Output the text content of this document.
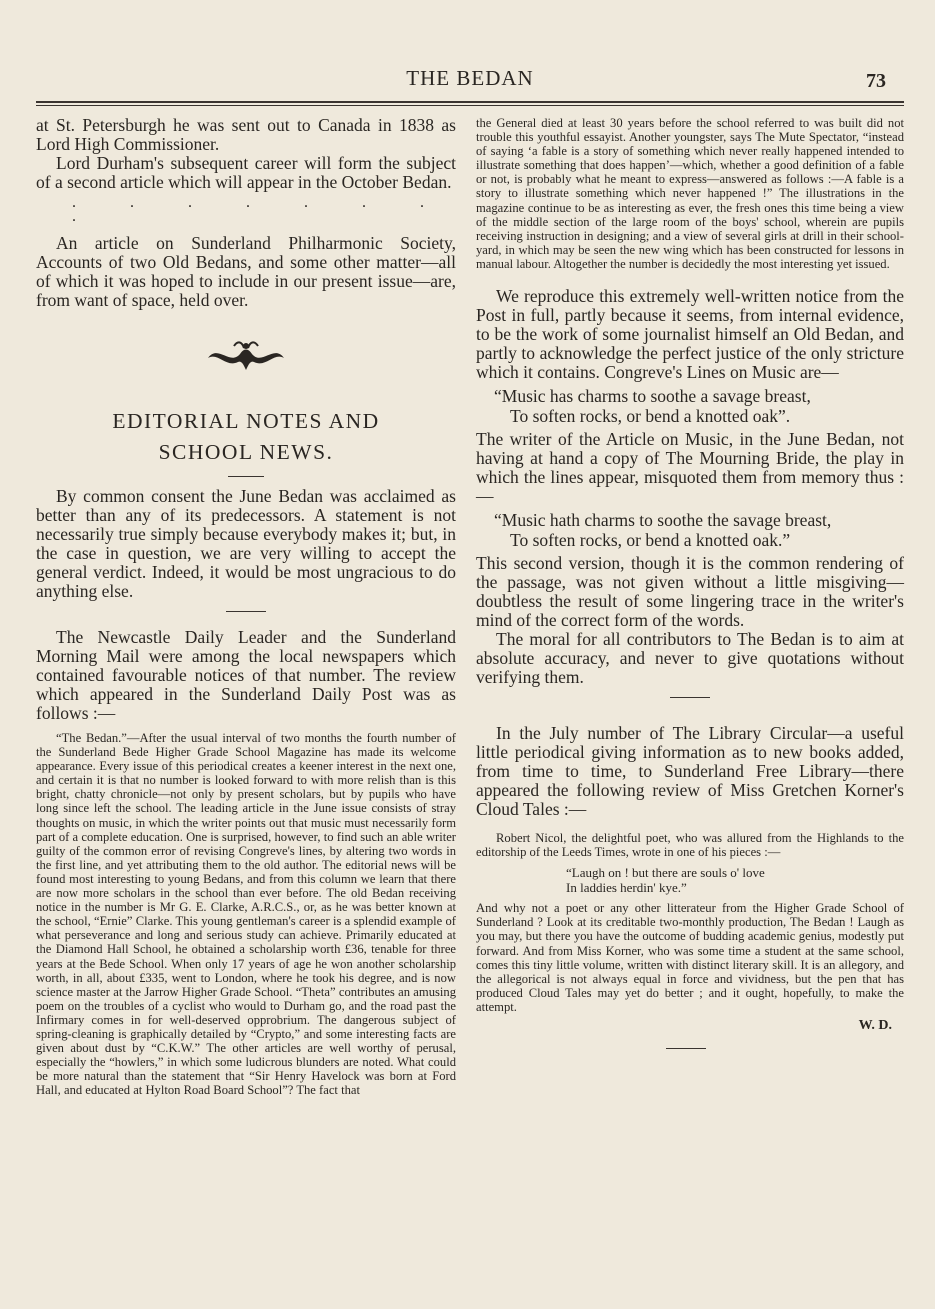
THE BEDAN	73

at St. Petersburgh he was sent out to Canada in 1838 as Lord High Commissioner.

Lord Durham's subsequent career will form the subject of a second article which will appear in the October Bedan.

. . . . . . . .

An article on Sunderland Philharmonic Society, Accounts of two Old Bedans, and some other matter—all of which it was hoped to include in our present issue—are, from want of space, held over.

EDITORIAL NOTES AND
SCHOOL NEWS.

By common consent the June Bedan was acclaimed as better than any of its predecessors. A statement is not necessarily true simply because everybody makes it; but, in the case in question, we are very willing to accept the general verdict. Indeed, it would be most ungracious to do anything else.

The Newcastle Daily Leader and the Sunderland Morning Mail were among the local newspapers which contained favourable notices of that number. The review which appeared in the Sunderland Daily Post was as follows :—

“The Bedan.”—After the usual interval of two months the fourth number of the Sunderland Bede Higher Grade School Magazine has made its welcome appearance. Every issue of this periodical creates a keener interest in the next one, and certain it is that no number is looked forward to with more relish than is this bright, chatty chronicle—not only by present scholars, but by pupils who have long since left the school. The leading article in the June issue consists of stray thoughts on music, in which the writer points out that music must necessarily form part of a complete education. One is surprised, however, to find such an able writer guilty of the common error of revising Congreve's lines, by altering two words in the first line, and yet attributing them to the old author. The editorial news will be found most interesting to young Bedans, and from this column we learn that there are now more scholars in the school than ever before. The old Bedan receiving notice in the number is Mr G. E. Clarke, A.R.C.S., or, as he was better known at the school, “Ernie” Clarke. This young gentleman's career is a splendid example of what perseverance and long and serious study can achieve. Primarily educated at the Diamond Hall School, he obtained a scholarship worth £36, tenable for three years at the Bede School. When only 17 years of age he won another scholarship worth, in all, about £335, went to London, where he took his degree, and is now science master at the Jarrow Higher Grade School. “Theta” contributes an amusing poem on the troubles of a cyclist who would to Durham go, and the road past the Infirmary comes in for well-deserved opprobrium. The dangerous subject of spring-cleaning is graphically detailed by “Crypto,” and some interesting facts are given about dust by “C.K.W.” The other articles are well worthy of perusal, especially the “howlers,” in which some ludicrous blunders are noted. What could be more natural than the statement that “Sir Henry Havelock was born at Ford Hall, and educated at Hylton Road Board School”? The fact that

the General died at least 30 years before the school referred to was built did not trouble this youthful essayist. Another youngster, says The Mute Spectator, “instead of saying ‘a fable is a story of something which never really happened intended to illustrate something that does happen’—which, whether a good definition of a fable or not, is probably what he meant to express—answered as follows :—A fable is a story to illustrate something which never happened !” The illustrations in the magazine continue to be as interesting as ever, the fresh ones this time being a view of the middle section of the large room of the boys' school, wherein are pupils receiving instruction in designing; and a view of several girls at drill in their school-yard, in which may be seen the new wing which has been constructed for lessons in manual labour. Altogether the number is decidedly the most interesting yet issued.

We reproduce this extremely well-written notice from the Post in full, partly because it seems, from internal evidence, to be the work of some journalist himself an Old Bedan, and partly to acknowledge the perfect justice of the only stricture which it contains. Congreve's Lines on Music are—

“Music has charms to soothe a savage breast,
To soften rocks, or bend a knotted oak”.

The writer of the Article on Music, in the June Bedan, not having at hand a copy of The Mourning Bride, the play in which the lines appear, misquoted them from memory thus :—

“Music hath charms to soothe the savage breast,
To soften rocks, or bend a knotted oak.”

This second version, though it is the common rendering of the passage, was not given without a little misgiving—doubtless the result of some lingering trace in the writer's mind of the correct form of the words.

The moral for all contributors to The Bedan is to aim at absolute accuracy, and never to give quotations without verifying them.

In the July number of The Library Circular—a useful little periodical giving information as to new books added, from time to time, to Sunderland Free Library—there appeared the following review of Miss Gretchen Korner's Cloud Tales :—

Robert Nicol, the delightful poet, who was allured from the Highlands to the editorship of the Leeds Times, wrote in one of his pieces :—

“Laugh on ! but there are souls o' love
In laddies herdin' kye.”

And why not a poet or any other litterateur from the Higher Grade School of Sunderland ? Look at its creditable two-monthly production, The Bedan ! Laugh as you may, but there you have the outcome of budding academic genius, modestly put forward. And from Miss Korner, who was some time a student at the same school, comes this tiny little volume, written with distinct literary skill. It is an allegory, and the allegorical is not always equal in force and vividness, but the pen that has produced Cloud Tales may yet do better ; and it ought, hopefully, to make the attempt.

W. D.
